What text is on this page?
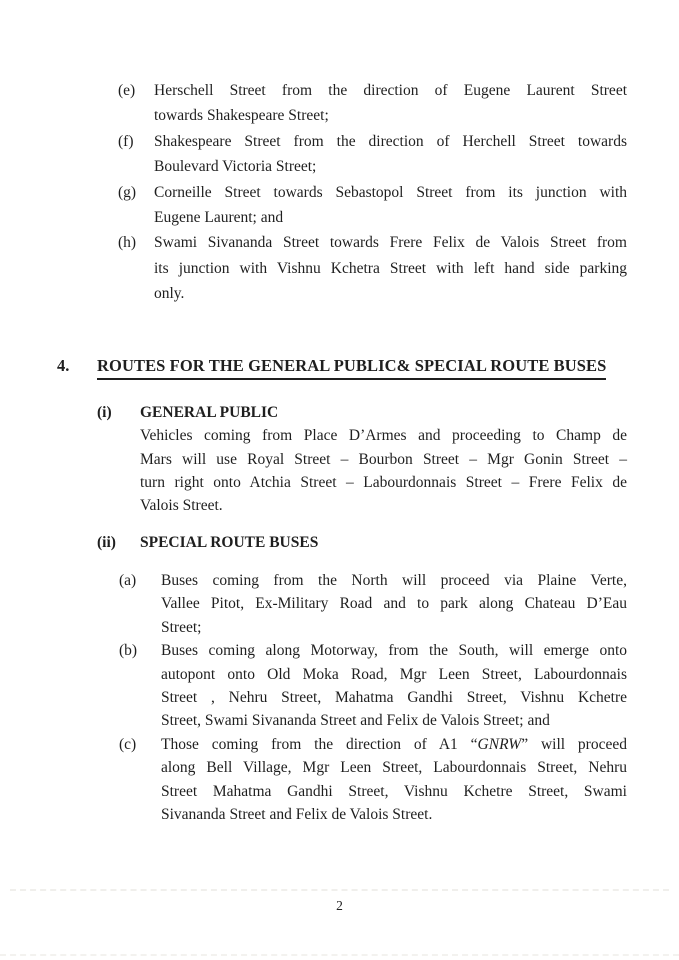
(e) Herschell Street from the direction of Eugene Laurent Street
towards Shakespeare Street;
(f) Shakespeare Street from the direction of Herchell Street towards
Boulevard Victoria Street;
(g) Corneille Street towards Sebastopol Street from its junction with
Eugene Laurent; and
(h) Swami Sivananda Street towards Frere Felix de Valois Street from
its junction with Vishnu Kchetra Street with left hand side parking
only.
4. ROUTES FOR THE GENERAL PUBLIC& SPECIAL ROUTE BUSES
(i) GENERAL PUBLIC
Vehicles coming from Place D’Armes and proceeding to Champ de
Mars will use Royal Street – Bourbon Street – Mgr Gonin Street –
turn right onto Atchia Street – Labourdonnais Street – Frere Felix de
Valois Street.
(ii) SPECIAL ROUTE BUSES
(a) Buses coming from the North will proceed via Plaine Verte,
Vallee Pitot, Ex-Military Road and to park along Chateau D’Eau
Street;
(b) Buses coming along Motorway, from the South, will emerge onto
autopont onto Old Moka Road, Mgr Leen Street, Labourdonnais
Street , Nehru Street, Mahatma Gandhi Street, Vishnu Kchetre
Street, Swami Sivananda Street and Felix de Valois Street; and
(c) Those coming from the direction of A1 “GNRW” will proceed
along Bell Village, Mgr Leen Street, Labourdonnais Street, Nehru
Street Mahatma Gandhi Street, Vishnu Kchetre Street, Swami
Sivananda Street and Felix de Valois Street.
2
